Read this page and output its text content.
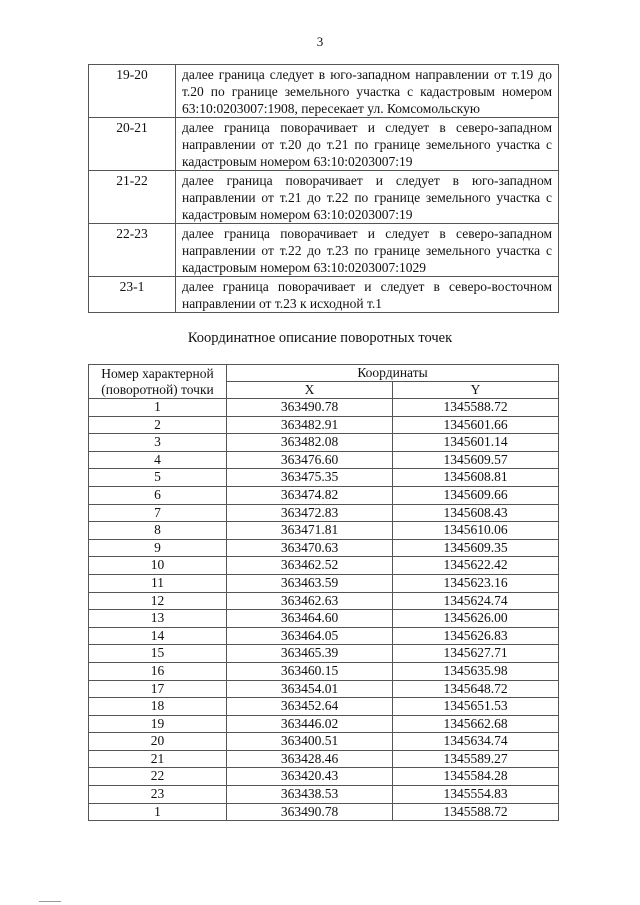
3
19-20	далее граница следует в юго-западном направлении от т.19 до т.20 по границе земельного участка с кадастровым номером 63:10:0203007:1908, пересекает ул. Комсомольскую
20-21	далее граница поворачивает и следует в северо-западном направлении от т.20 до т.21 по границе земельного участка с кадастровым номером 63:10:0203007:19
21-22	далее граница поворачивает и следует в юго-западном направлении от т.21 до т.22 по границе земельного участка с кадастровым номером 63:10:0203007:19
22-23	далее граница поворачивает и следует в северо-западном направлении от т.22 до т.23 по границе земельного участка с кадастровым номером 63:10:0203007:1029
23-1	далее граница поворачивает и следует в северо-восточном направлении от т.23 к исходной т.1
Координатное описание поворотных точек
Номер характерной (поворотной) точки	Координаты	
	X	Y
1	363490.78	1345588.72
2	363482.91	1345601.66
3	363482.08	1345601.14
4	363476.60	1345609.57
5	363475.35	1345608.81
6	363474.82	1345609.66
7	363472.83	1345608.43
8	363471.81	1345610.06
9	363470.63	1345609.35
10	363462.52	1345622.42
11	363463.59	1345623.16
12	363462.63	1345624.74
13	363464.60	1345626.00
14	363464.05	1345626.83
15	363465.39	1345627.71
16	363460.15	1345635.98
17	363454.01	1345648.72
18	363452.64	1345651.53
19	363446.02	1345662.68
20	363400.51	1345634.74
21	363428.46	1345589.27
22	363420.43	1345584.28
23	363438.53	1345554.83
1	363490.78	1345588.72
